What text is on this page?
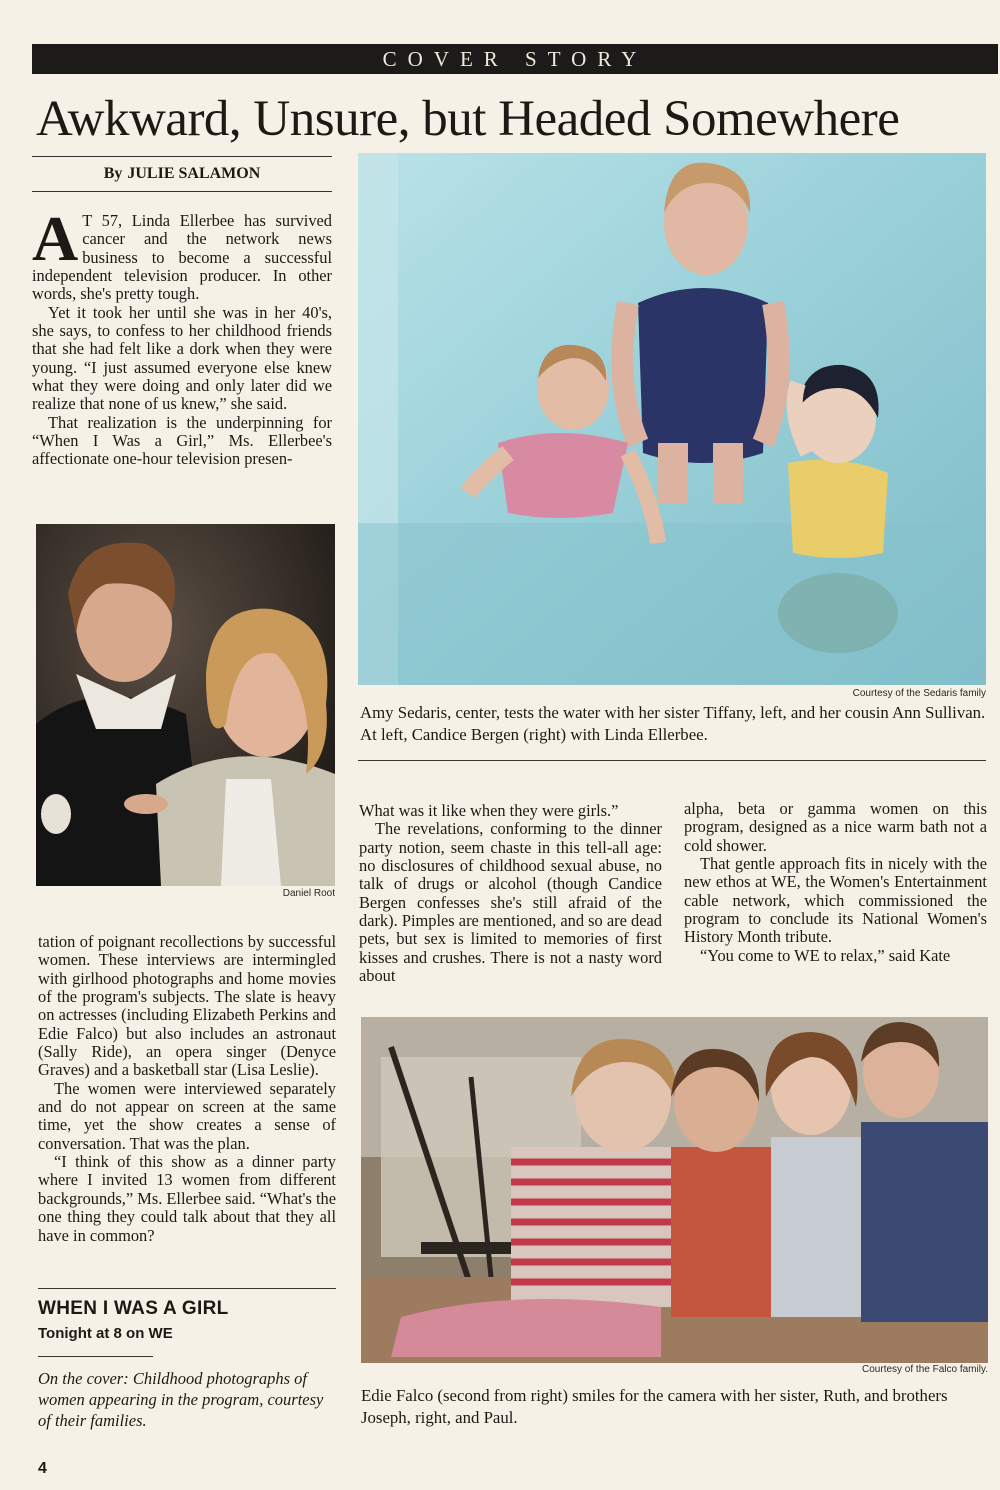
COVER STORY
Awkward, Unsure, but Headed Somewhere
By JULIE SALAMON

A T 57, Linda Ellerbee has survived cancer and the network news business to become a successful independent television producer. In other words, she's pretty tough.

Yet it took her until she was in her 40's, she says, to confess to her childhood friends that she had felt like a dork when they were young. “I just assumed everyone else knew what they were doing and only later did we realize that none of us knew,” she said.

That realization is the underpinning for “When I Was a Girl,” Ms. Ellerbee's affectionate one-hour television presen-

Daniel Root

tation of poignant recollections by successful women. These interviews are intermingled with girlhood photographs and home movies of the program's subjects. The slate is heavy on actresses (including Elizabeth Perkins and Edie Falco) but also includes an astronaut (Sally Ride), an opera singer (Denyce Graves) and a basketball star (Lisa Leslie).

The women were interviewed separately and do not appear on screen at the same time, yet the show creates a sense of conversation. That was the plan.

“I think of this show as a dinner party where I invited 13 women from different backgrounds,” Ms. Ellerbee said. “What's the one thing they could talk about that they all have in common?

WHEN I WAS A GIRL
Tonight at 8 on WE
On the cover: Childhood photographs of women appearing in the program, courtesy of their families.
Courtesy of the Sedaris family
Amy Sedaris, center, tests the water with her sister Tiffany, left, and her cousin Ann Sullivan. At left, Candice Bergen (right) with Linda Ellerbee.

What was it like when they were girls.”

The revelations, conforming to the dinner party notion, seem chaste in this tell-all age: no disclosures of childhood sexual abuse, no talk of drugs or alcohol (though Candice Bergen confesses she's still afraid of the dark). Pimples are mentioned, and so are dead pets, but sex is limited to memories of first kisses and crushes. There is not a nasty word about

alpha, beta or gamma women on this program, designed as a nice warm bath not a cold shower.

That gentle approach fits in nicely with the new ethos at WE, the Women's Entertainment cable network, which commissioned the program to conclude its National Women's History Month tribute.

“You come to WE to relax,” said Kate

Courtesy of the Falco family.
Edie Falco (second from right) smiles for the camera with her sister, Ruth, and brothers Joseph, right, and Paul.
4
